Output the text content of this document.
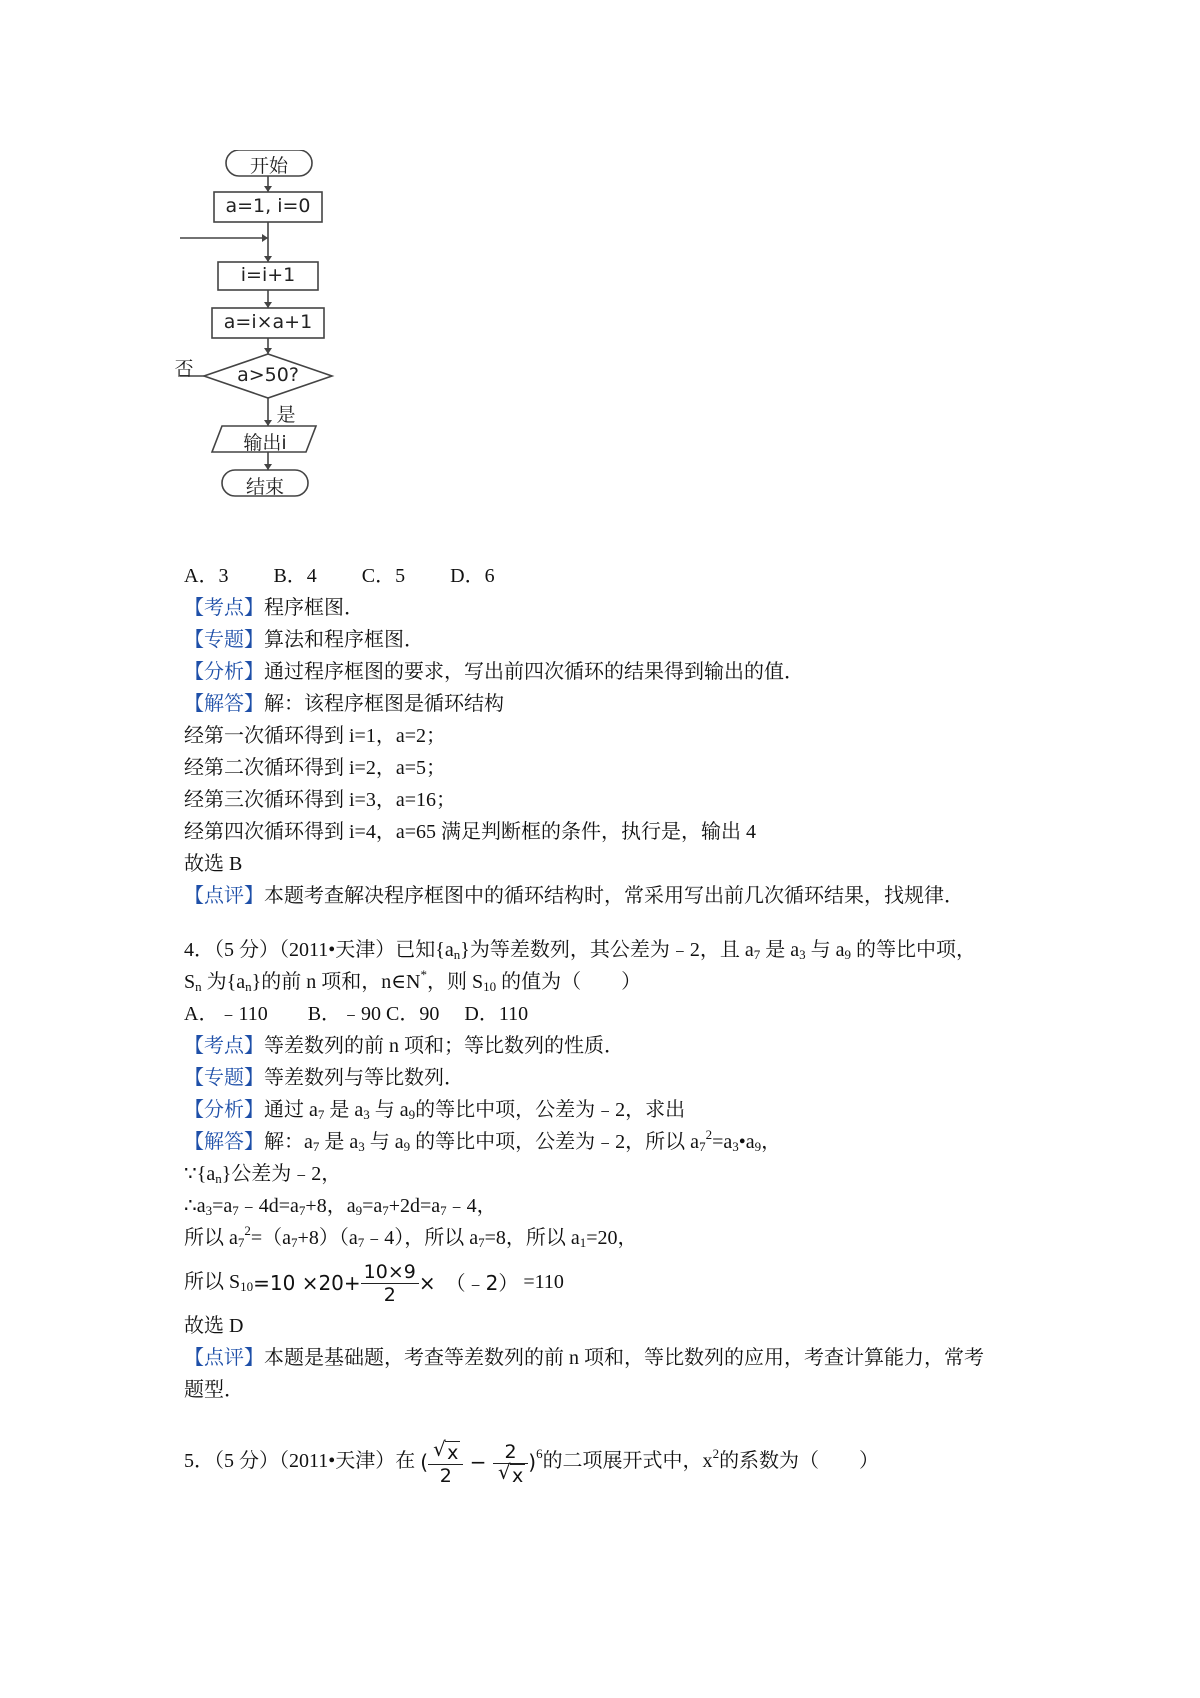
开始
a=1, i=0
i=i+1
a=i×a+1
a>50?
否
是
输出i
结束
A．3　　 B．4　　 C．5　　 D．6
【考点】程序框图．
【专题】算法和程序框图．
【分析】通过程序框图的要求，写出前四次循环的结果得到输出的值．
【解答】解：该程序框图是循环结构
经第一次循环得到 i=1，a=2；
经第二次循环得到 i=2，a=5；
经第三次循环得到 i=3，a=16；
经第四次循环得到 i=4，a=65 满足判断框的条件，执行是，输出 4
故选 B
【点评】本题考查解决程序框图中的循环结构时，常采用写出前几次循环结果，找规律．
4．（5 分）（2011•天津）已知$\{a_n\}$为等差数列，其公差为﹣2，且 $a_7$ 是 $a_3$ 与 $a_9$ 的等比中项，
$S_n$ 为$\{a_n\}$的前 n 项和，n∈N*，则 $S_{10}$ 的值为（　　）
A．﹣110　　B．﹣90 C．90　 D．110
【考点】等差数列的前 n 项和；等比数列的性质．
【专题】等差数列与等比数列．
【分析】通过 $a_7$ 是 $a_3$ 与 $a_9$的等比中项，公差为﹣2，求出
【解答】解：$a_7$ 是 $a_3$ 与 $a_9$ 的等比中项，公差为﹣2，所以 $a_7^2=a_3•a_9$，
$\because\{a_n\}$公差为﹣2，
$\therefore a_3=a_7﹣4d=a_7+8$，$a_9=a_7+2d=a_7﹣4$，
所以 $a_7^2=(a_7+8)(a_7﹣4)$，所以 $a_7=8$，所以 $a_1=20$，
所以 $S_{10}=10 \times 20+ \frac{10\times 9}{2}$ ×　（﹣2） =110
故选 D
【点评】本题是基础题，考查等差数列的前 n 项和，等比数列的应用，考查计算能力，常考
题型．
5．（5 分）（2011•天津）在 (
√ $\frac{x}{2} - 2$
√ x )$^6$的二项展开式中，$x^2$的系数为（　　）
